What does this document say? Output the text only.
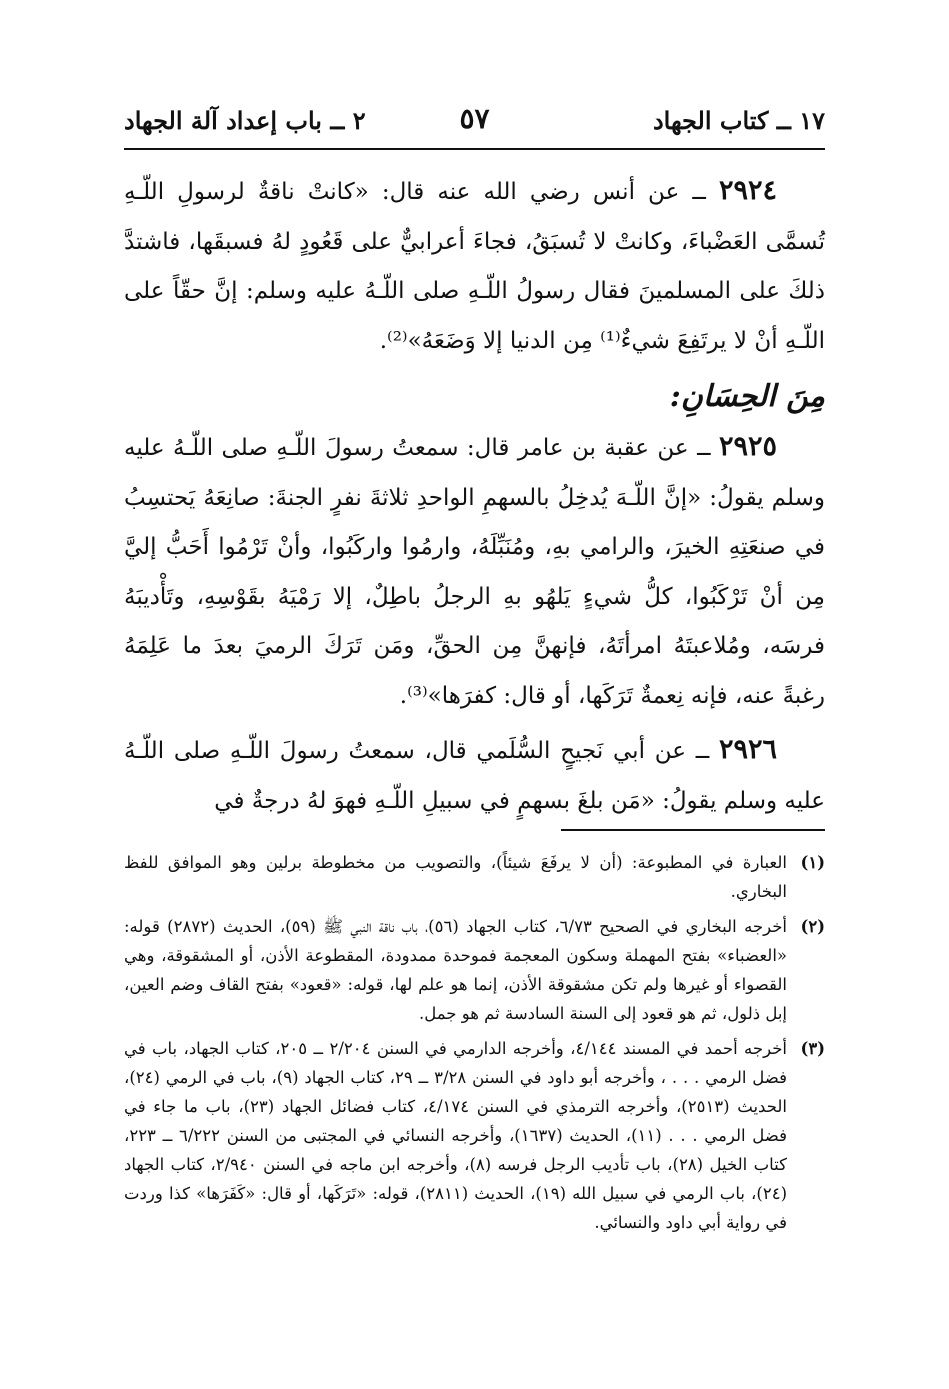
١٧ ــ كتاب الجهاد
٥٧
٢ ــ باب إعداد آلة الجهاد

٢٩٢٤ ــ عن أنس رضي الله عنه قال: «كانتْ ناقةٌ لرسولِ اللّـهِ تُسمَّى العَضْباءَ، وكانتْ لا تُسبَقُ، فجاءَ أعرابيٌّ على قَعُودٍ لهُ فسبقَها، فاشتدَّ ذلكَ على المسلمينَ فقال رسولُ اللّـهِ صلى اللّـهُ عليه وسلم: إنَّ حقّاً على اللّـهِ أنْ لا يرتَفِعَ شيءٌ⁽¹⁾ مِن الدنيا إلا وَضَعَهُ»⁽²⁾.

مِنَ الحِسَانِ:

٢٩٢٥ ــ عن عقبة بن عامر قال: سمعتُ رسولَ اللّـهِ صلى اللّـهُ عليه وسلم يقولُ: «إنَّ اللّـهَ يُدخِلُ بالسهمِ الواحدِ ثلاثةَ نفرٍ الجنةَ: صانِعَهُ يَحتسِبُ في صنعَتِهِ الخيرَ، والرامي بهِ، ومُنَبِّلَهُ، وارمُوا واركَبُوا، وأنْ تَرْمُوا أَحَبُّ إليَّ مِن أنْ تَرْكَبُوا، كلُّ شيءٍ يَلهُو بهِ الرجلُ باطِلٌ، إلا رَمْيَهُ بقَوْسِهِ، وتَأْديبَهُ فرسَه، ومُلاعبتَهُ امرأتَهُ، فإنهنَّ مِن الحقِّ، ومَن تَرَكَ الرميَ بعدَ ما عَلِمَهُ رغبةً عنه، فإنه نِعمةٌ تَرَكَها، أو قال: كفرَها»⁽³⁾.

٢٩٢٦ ــ عن أبي نَجيحٍ السُّلَمي قال، سمعتُ رسولَ اللّـهِ صلى اللّـهُ عليه وسلم يقولُ: «مَن بلغَ بسهمٍ في سبيلِ اللّـهِ فهوَ لهُ درجةٌ في

(١)
العبارة في المطبوعة: (أن لا يرفَعَ شيئاً)، والتصويب من مخطوطة برلين وهو الموافق للفظ البخاري.
(٢)
أخرجه البخاري في الصحيح ٦/٧٣، كتاب الجهاد (٥٦)، باب ناقة النبي ﷺ (٥٩)، الحديث (٢٨٧٢) قوله: «العضباء» بفتح المهملة وسكون المعجمة فموحدة ممدودة، المقطوعة الأذن، أو المشقوقة، وهي القصواء أو غيرها ولم تكن مشقوقة الأذن، إنما هو علم لها، قوله: «قعود» بفتح القاف وضم العين، إبل ذلول، ثم هو قعود إلى السنة السادسة ثم هو جمل.
(٣)
أخرجه أحمد في المسند ٤/١٤٤، وأخرجه الدارمي في السنن ٢/٢٠٤ ــ ٢٠٥، كتاب الجهاد، باب في فضل الرمي . . . ، وأخرجه أبو داود في السنن ٣/٢٨ ــ ٢٩، كتاب الجهاد (٩)، باب في الرمي (٢٤)، الحديث (٢٥١٣)، وأخرجه الترمذي في السنن ٤/١٧٤، كتاب فضائل الجهاد (٢٣)، باب ما جاء في فضل الرمي . . . (١١)، الحديث (١٦٣٧)، وأخرجه النسائي في المجتبى من السنن ٦/٢٢٢ ــ ٢٢٣، كتاب الخيل (٢٨)، باب تأديب الرجل فرسه (٨)، وأخرجه ابن ماجه في السنن ٢/٩٤٠، كتاب الجهاد (٢٤)، باب الرمي في سبيل الله (١٩)، الحديث (٢٨١١)، قوله: «تَرَكَها، أو قال: «كَفَرَها» كذا وردت في رواية أبي داود والنسائي.
